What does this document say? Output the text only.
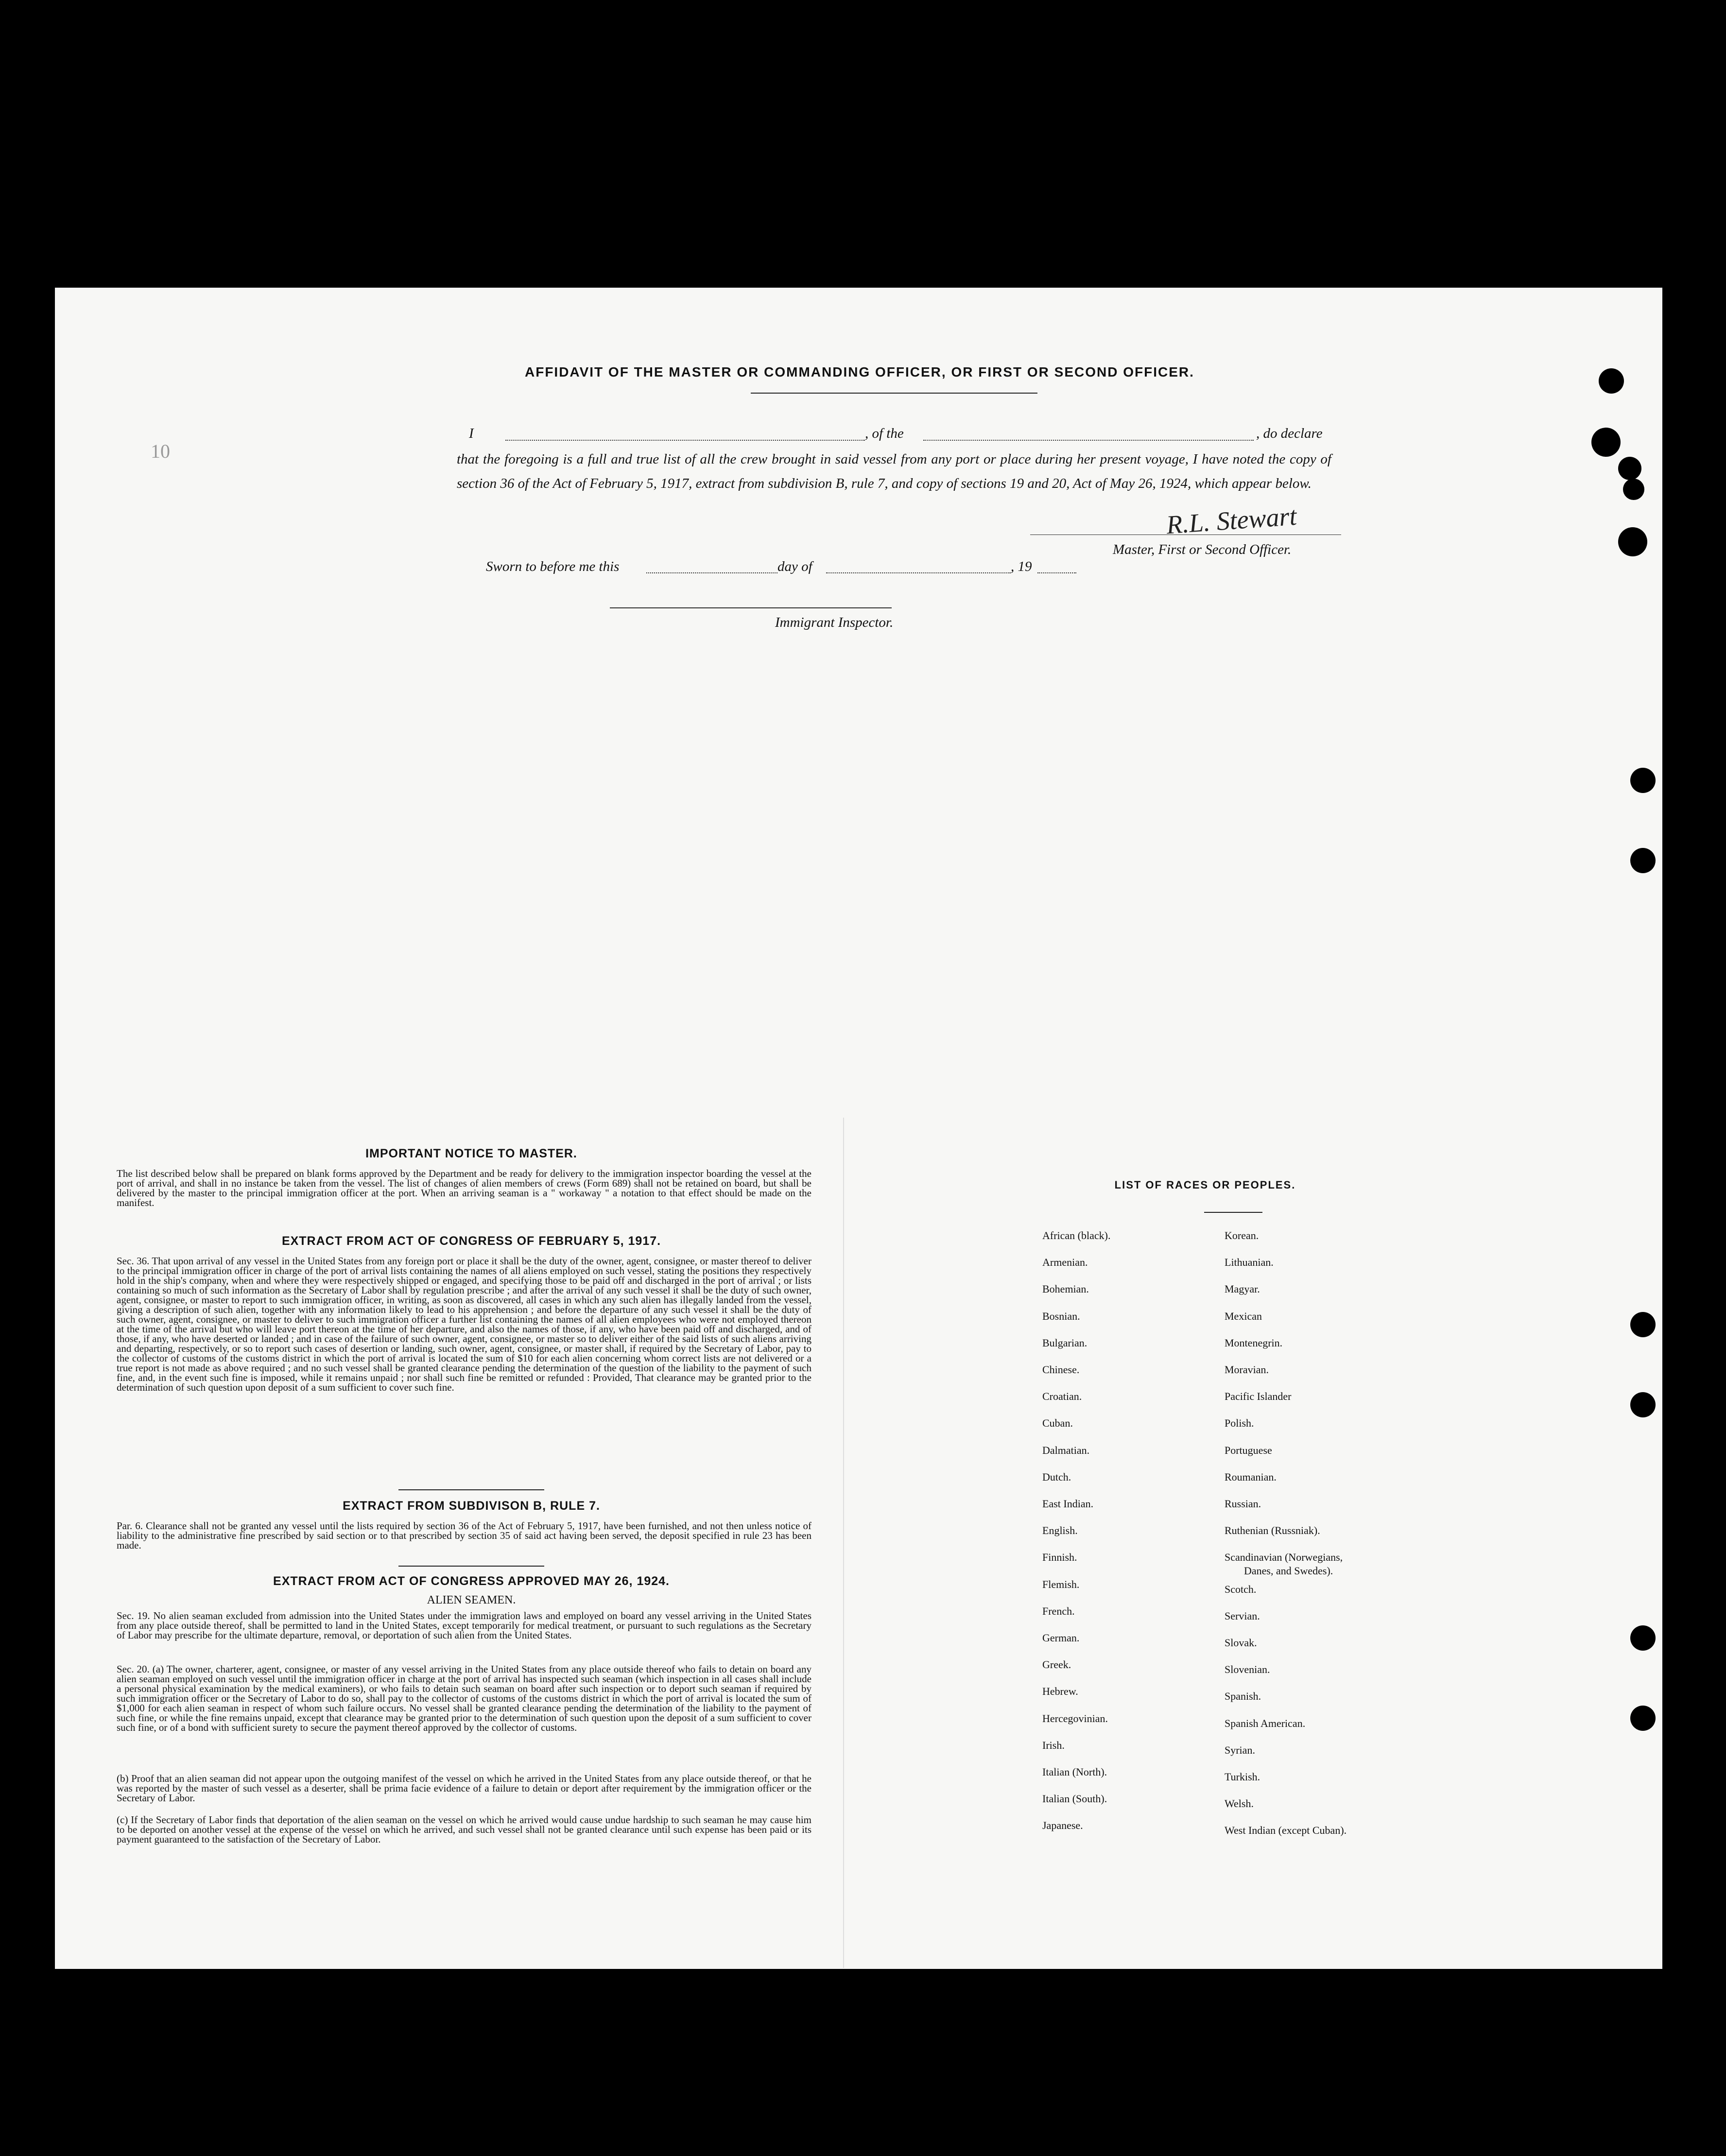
10
AFFIDAVIT OF THE MASTER OR COMMANDING OFFICER, OR FIRST OR SECOND OFFICER.
I	, of the	, do declare
that the foregoing is a full and true list of all the crew brought in said vessel from any port or place during her present voyage, I have noted the copy of section 36 of the Act of February 5, 1917, extract from subdivision B, rule 7, and copy of sections 19 and 20, Act of May 26, 1924, which appear below.
R.L. Stewart
Master, First or Second Officer.
Sworn to before me this	day of	, 19
Immigrant Inspector.
IMPORTANT NOTICE TO MASTER.
The list described below shall be prepared on blank forms approved by the Department and be ready for delivery to the immigration inspector boarding the vessel at the port of arrival, and shall in no instance be taken from the vessel. The list of changes of alien members of crews (Form 689) shall not be retained on board, but shall be delivered by the master to the principal immigration officer at the port. When an arriving seaman is a " workaway " a notation to that effect should be made on the manifest.
EXTRACT FROM ACT OF CONGRESS OF FEBRUARY 5, 1917.
Sec. 36. That upon arrival of any vessel in the United States from any foreign port or place it shall be the duty of the owner, agent, consignee, or master thereof to deliver to the principal immigration officer in charge of the port of arrival lists containing the names of all aliens employed on such vessel, stating the positions they respectively hold in the ship's company, when and where they were respectively shipped or engaged, and specifying those to be paid off and discharged in the port of arrival ; or lists containing so much of such information as the Secretary of Labor shall by regulation prescribe ; and after the arrival of any such vessel it shall be the duty of such owner, agent, consignee, or master to report to such immigration officer, in writing, as soon as discovered, all cases in which any such alien has illegally landed from the vessel, giving a description of such alien, together with any information likely to lead to his apprehension ; and before the departure of any such vessel it shall be the duty of such owner, agent, consignee, or master to deliver to such immigration officer a further list containing the names of all alien employees who were not employed thereon at the time of the arrival but who will leave port thereon at the time of her departure, and also the names of those, if any, who have been paid off and discharged, and of those, if any, who have deserted or landed ; and in case of the failure of such owner, agent, consignee, or master so to deliver either of the said lists of such aliens arriving and departing, respectively, or so to report such cases of desertion or landing, such owner, agent, consignee, or master shall, if required by the Secretary of Labor, pay to the collector of customs of the customs district in which the port of arrival is located the sum of $10 for each alien concerning whom correct lists are not delivered or a true report is not made as above required ; and no such vessel shall be granted clearance pending the determination of the question of the liability to the payment of such fine, and, in the event such fine is imposed, while it remains unpaid ; nor shall such fine be remitted or refunded : Provided, That clearance may be granted prior to the determination of such question upon deposit of a sum sufficient to cover such fine.
EXTRACT FROM SUBDIVISON B, RULE 7.
Par. 6. Clearance shall not be granted any vessel until the lists required by section 36 of the Act of February 5, 1917, have been furnished, and not then unless notice of liability to the administrative fine prescribed by said section or to that prescribed by section 35 of said act having been served, the deposit specified in rule 23 has been made.
EXTRACT FROM ACT OF CONGRESS APPROVED MAY 26, 1924.
ALIEN SEAMEN.
Sec. 19. No alien seaman excluded from admission into the United States under the immigration laws and employed on board any vessel arriving in the United States from any place outside thereof, shall be permitted to land in the United States, except temporarily for medical treatment, or pursuant to such regulations as the Secretary of Labor may prescribe for the ultimate departure, removal, or deportation of such alien from the United States.
Sec. 20. (a) The owner, charterer, agent, consignee, or master of any vessel arriving in the United States from any place outside thereof who fails to detain on board any alien seaman employed on such vessel until the immigration officer in charge at the port of arrival has inspected such seaman (which inspection in all cases shall include a personal physical examination by the medical examiners), or who fails to detain such seaman on board after such inspection or to deport such seaman if required by such immigration officer or the Secretary of Labor to do so, shall pay to the collector of customs of the customs district in which the port of arrival is located the sum of $1,000 for each alien seaman in respect of whom such failure occurs. No vessel shall be granted clearance pending the determination of the liability to the payment of such fine, or while the fine remains unpaid, except that clearance may be granted prior to the determination of such question upon the deposit of a sum sufficient to cover such fine, or of a bond with sufficient surety to secure the payment thereof approved by the collector of customs.
(b) Proof that an alien seaman did not appear upon the outgoing manifest of the vessel on which he arrived in the United States from any place outside thereof, or that he was reported by the master of such vessel as a deserter, shall be prima facie evidence of a failure to detain or deport after requirement by the immigration officer or the Secretary of Labor.
(c) If the Secretary of Labor finds that deportation of the alien seaman on the vessel on which he arrived would cause undue hardship to such seaman he may cause him to be deported on another vessel at the expense of the vessel on which he arrived, and such vessel shall not be granted clearance until such expense has been paid or its payment guaranteed to the satisfaction of the Secretary of Labor.
LIST OF RACES OR PEOPLES.
African (black).
Armenian.
Bohemian.
Bosnian.
Bulgarian.
Chinese.
Croatian.
Cuban.
Dalmatian.
Dutch.
East Indian.
English.
Finnish.
Flemish.
French.
German.
Greek.
Hebrew.
Hercegovinian.
Irish.
Italian (North).
Italian (South).
Japanese.
Korean.
Lithuanian.
Magyar.
Mexican
Montenegrin.
Moravian.
Pacific Islander
Polish.
Portuguese
Roumanian.
Russian.
Ruthenian (Russniak).
Scandinavian (Norwegians,
Scotch.
Servian.
Slovak.
Slovenian.
Spanish.
Spanish American.
Syrian.
Turkish.
Welsh.
West Indian (except Cuban).
Danes, and Swedes).
